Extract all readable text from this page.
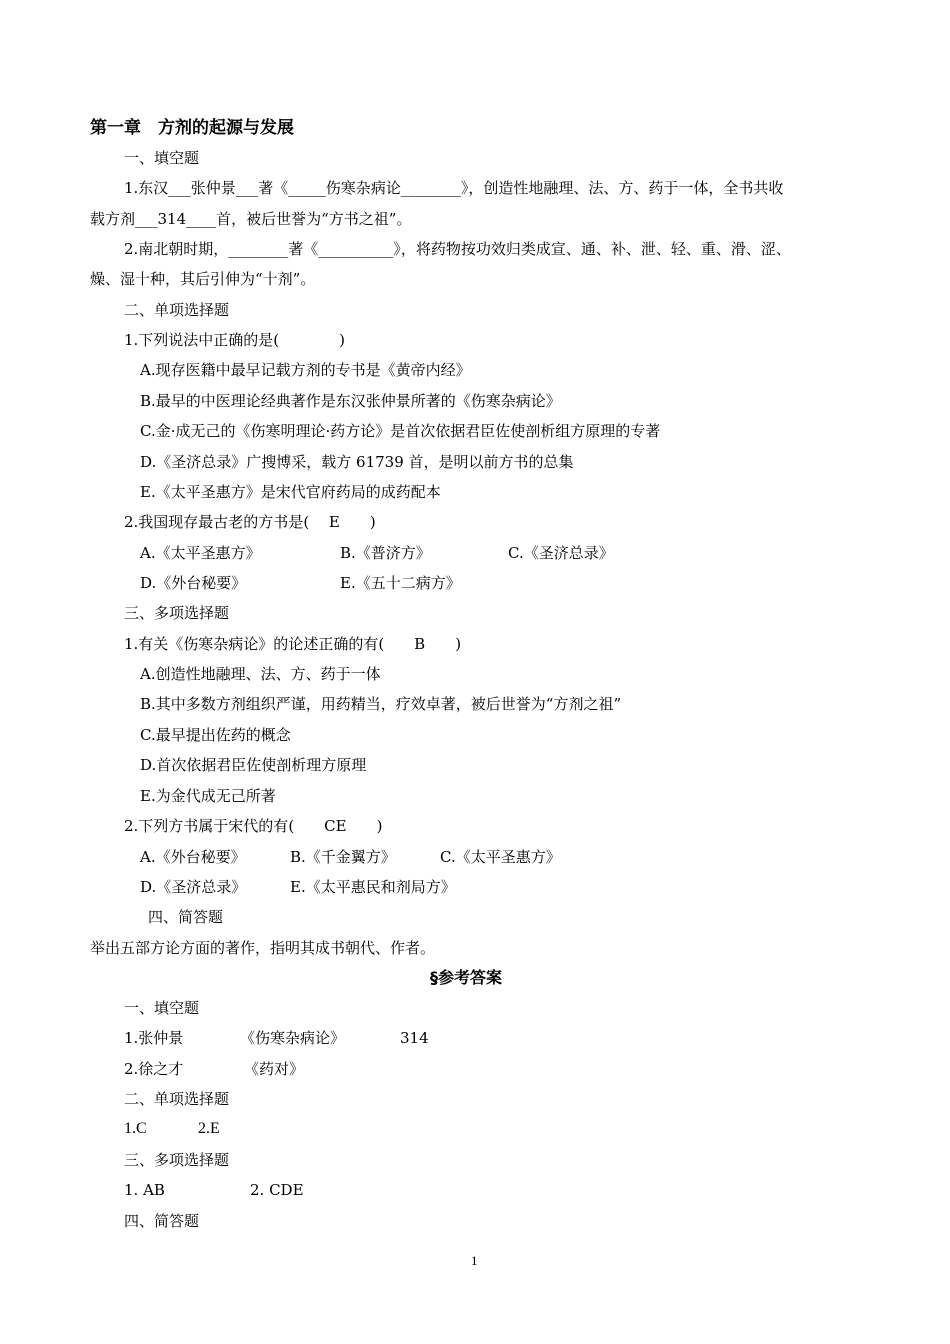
第一章　方剂的起源与发展
一、填空题
1.东汉___张仲景___著《_____伤寒杂病论________》，创造性地融理、法、方、药于一体，全书共收
载方剂___314____首，被后世誉为“方书之祖”。
2.南北朝时期，________著《__________》，将药物按功效归类成宣、通、补、泄、轻、重、滑、涩、
燥、湿十种，其后引伸为“十剂”。
二、单项选择题
1.下列说法中正确的是(　　　　)
A.现存医籍中最早记载方剂的专书是《黄帝内经》
B.最早的中医理论经典著作是东汉张仲景所著的《伤寒杂病论》
C.金·成无己的《伤寒明理论·药方论》是首次依据君臣佐使剖析组方原理的专著
D.《圣济总录》广搜博采，载方 61739 首，是明以前方书的总集
E.《太平圣惠方》是宋代官府药局的成药配本
2.我国现存最古老的方书是(　 E　　)
A.《太平圣惠方》	B.《普济方》	C.《圣济总录》
D.《外台秘要》	E.《五十二病方》
三、多项选择题
1.有关《伤寒杂病论》的论述正确的有(　　B　　)
A.创造性地融理、法、方、药于一体
B.其中多数方剂组织严谨，用药精当，疗效卓著，被后世誉为“方剂之祖”
C.最早提出佐药的概念
D.首次依据君臣佐使剖析理方原理
E.为金代成无己所著
2.下列方书属于宋代的有(　　CE　　)
A.《外台秘要》	B.《千金翼方》	C.《太平圣惠方》
D.《圣济总录》	E.《太平惠民和剂局方》
四、简答题
举出五部方论方面的著作，指明其成书朝代、作者。
§参考答案
一、填空题
1.张仲景	《伤寒杂病论》	314
2.徐之才	《药对》
二、单项选择题
1.C	2.E
三、多项选择题
1. AB	2. CDE
四、简答题
1
